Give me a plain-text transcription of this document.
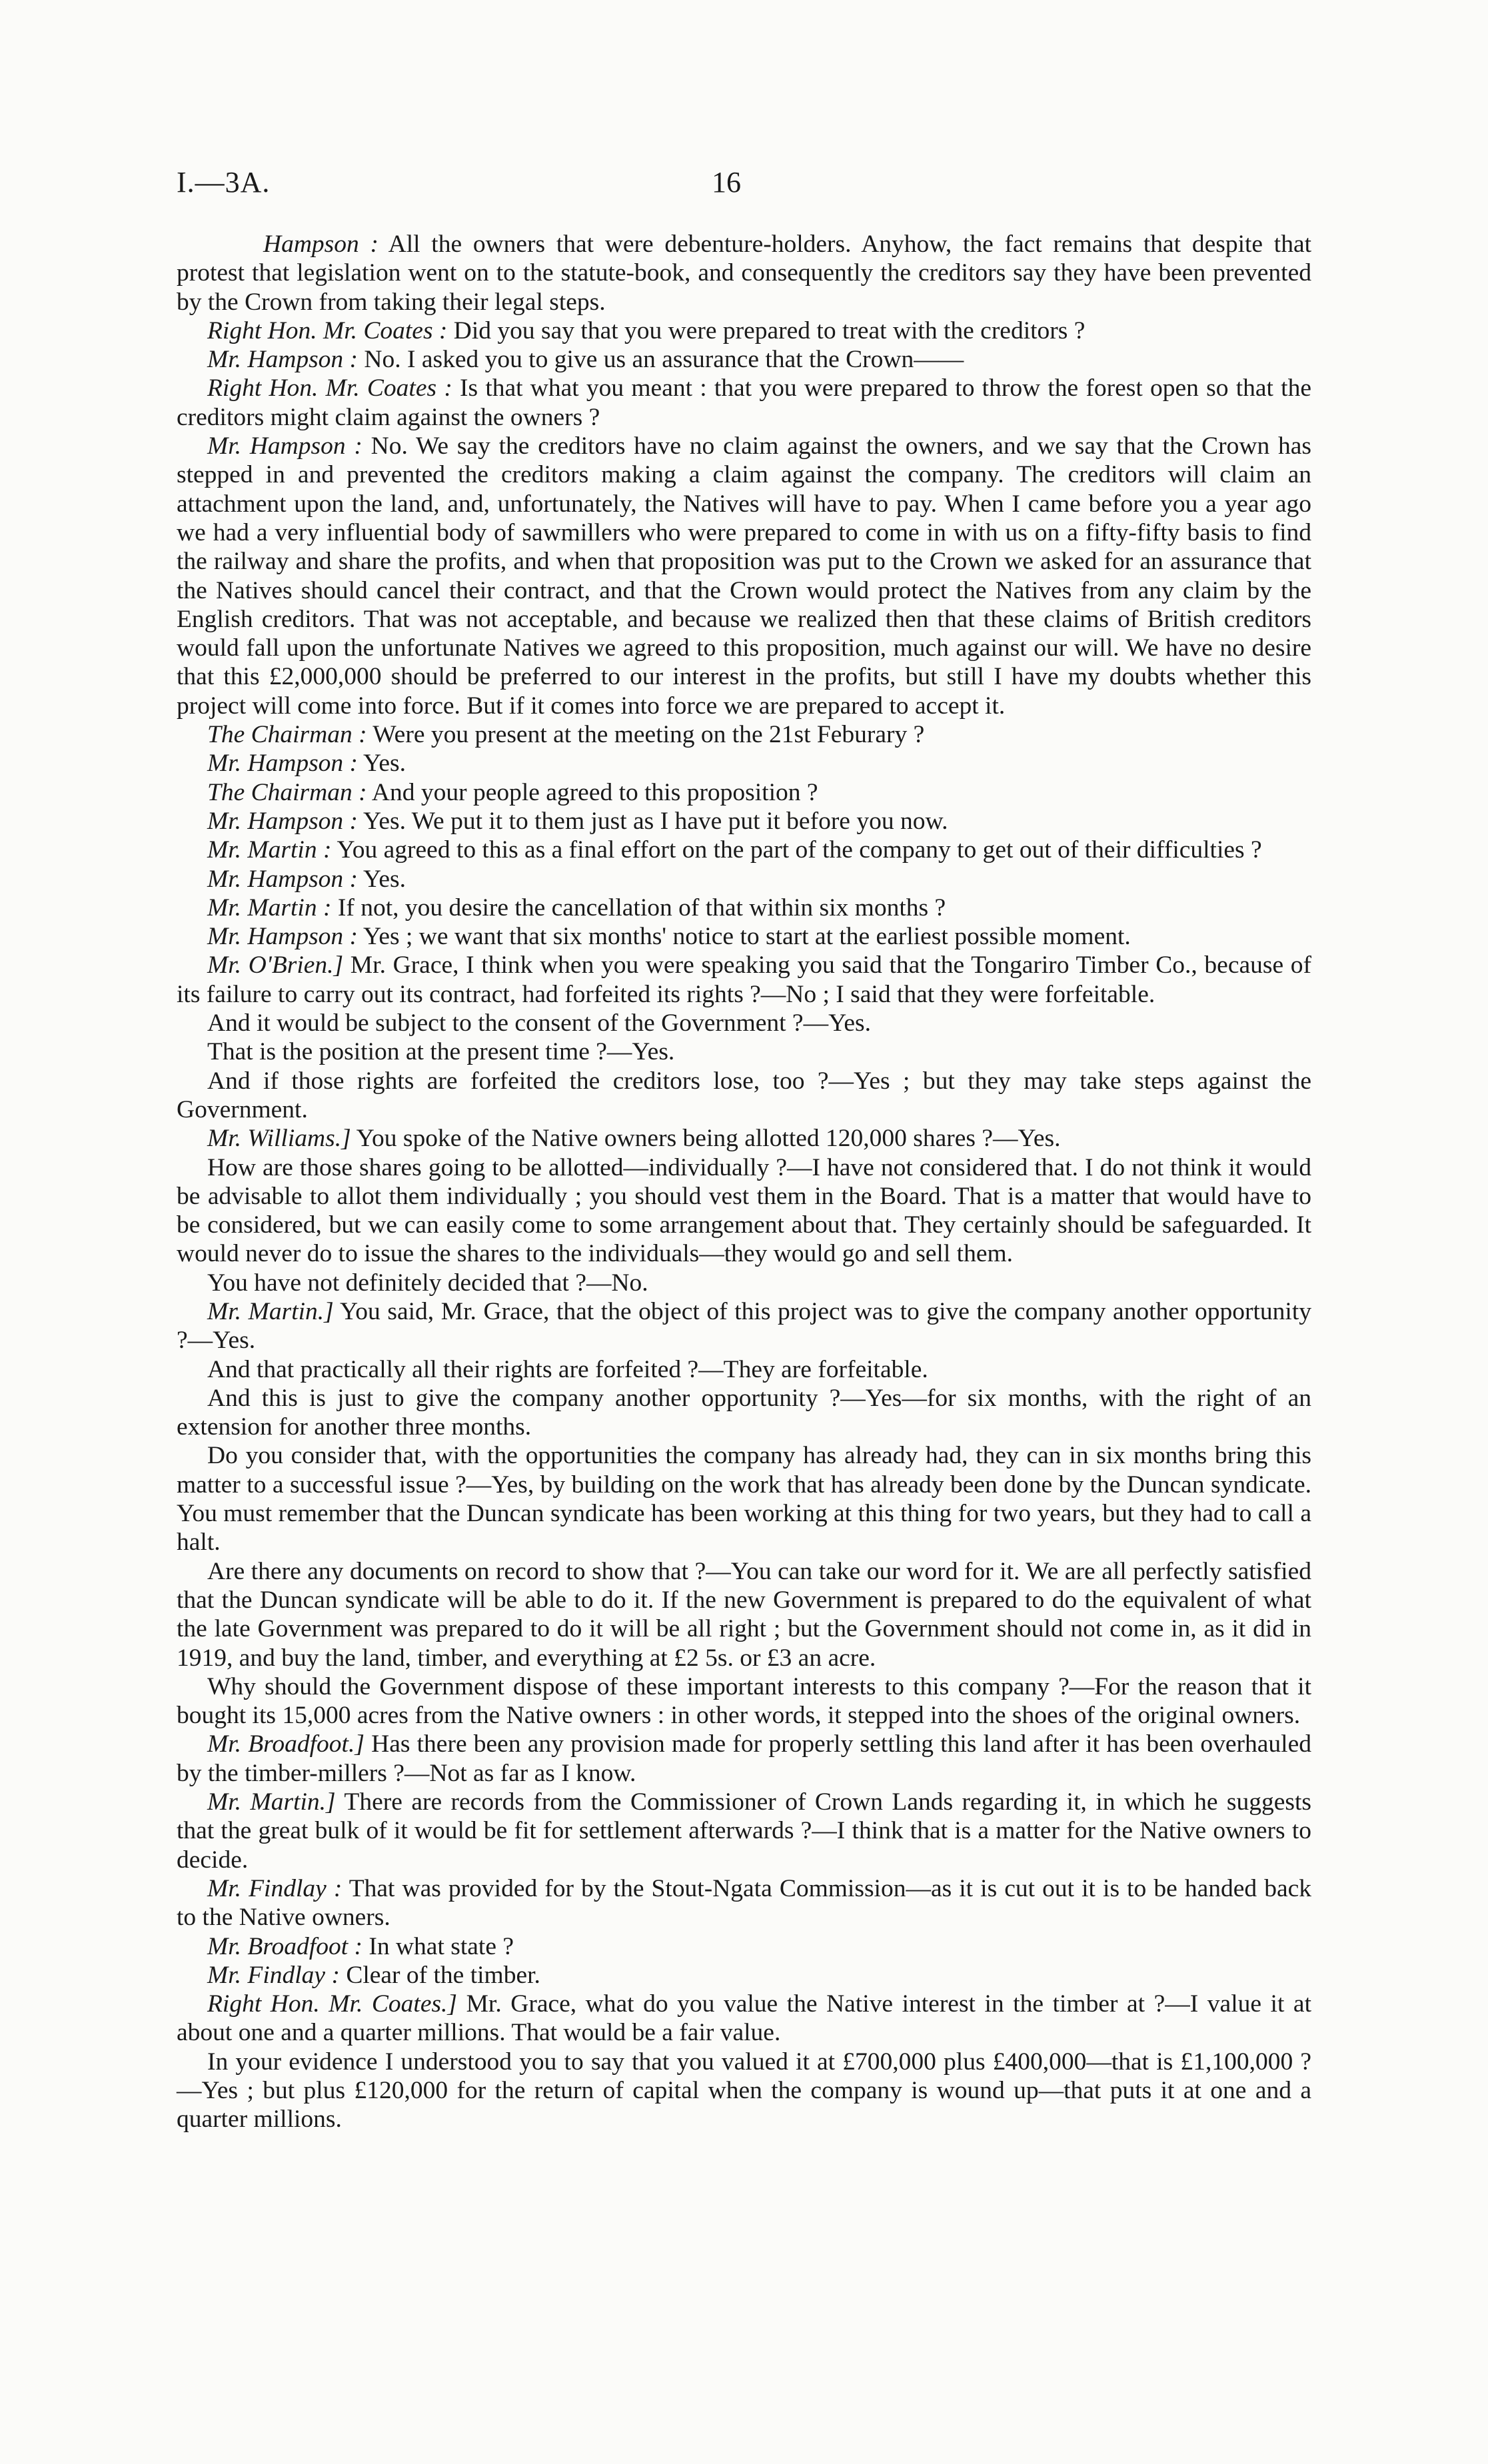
I.—3A.	16

Hampson : All the owners that were debenture-holders. Anyhow, the fact remains that despite that protest that legislation went on to the statute-book, and consequently the creditors say they have been prevented by the Crown from taking their legal steps.

Right Hon. Mr. Coates : Did you say that you were prepared to treat with the creditors ?

Mr. Hampson : No. I asked you to give us an assurance that the Crown——

Right Hon. Mr. Coates : Is that what you meant : that you were prepared to throw the forest open so that the creditors might claim against the owners ?

Mr. Hampson : No. We say the creditors have no claim against the owners, and we say that the Crown has stepped in and prevented the creditors making a claim against the company. The creditors will claim an attachment upon the land, and, unfortunately, the Natives will have to pay. When I came before you a year ago we had a very influential body of sawmillers who were prepared to come in with us on a fifty-fifty basis to find the railway and share the profits, and when that proposition was put to the Crown we asked for an assurance that the Natives should cancel their contract, and that the Crown would protect the Natives from any claim by the English creditors. That was not acceptable, and because we realized then that these claims of British creditors would fall upon the unfortunate Natives we agreed to this proposition, much against our will. We have no desire that this £2,000,000 should be preferred to our interest in the profits, but still I have my doubts whether this project will come into force. But if it comes into force we are prepared to accept it.

The Chairman : Were you present at the meeting on the 21st Feburary ?

Mr. Hampson : Yes.

The Chairman : And your people agreed to this proposition ?

Mr. Hampson : Yes. We put it to them just as I have put it before you now.

Mr. Martin : You agreed to this as a final effort on the part of the company to get out of their difficulties ?

Mr. Hampson : Yes.

Mr. Martin : If not, you desire the cancellation of that within six months ?

Mr. Hampson : Yes ; we want that six months' notice to start at the earliest possible moment.

Mr. O'Brien.] Mr. Grace, I think when you were speaking you said that the Tongariro Timber Co., because of its failure to carry out its contract, had forfeited its rights ?—No ; I said that they were forfeitable.

And it would be subject to the consent of the Government ?—Yes.

That is the position at the present time ?—Yes.

And if those rights are forfeited the creditors lose, too ?—Yes ; but they may take steps against the Government.

Mr. Williams.] You spoke of the Native owners being allotted 120,000 shares ?—Yes.

How are those shares going to be allotted—individually ?—I have not considered that. I do not think it would be advisable to allot them individually ; you should vest them in the Board. That is a matter that would have to be considered, but we can easily come to some arrangement about that. They certainly should be safeguarded. It would never do to issue the shares to the individuals—they would go and sell them.

You have not definitely decided that ?—No.

Mr. Martin.] You said, Mr. Grace, that the object of this project was to give the company another opportunity ?—Yes.

And that practically all their rights are forfeited ?—They are forfeitable.

And this is just to give the company another opportunity ?—Yes—for six months, with the right of an extension for another three months.

Do you consider that, with the opportunities the company has already had, they can in six months bring this matter to a successful issue ?—Yes, by building on the work that has already been done by the Duncan syndicate. You must remember that the Duncan syndicate has been working at this thing for two years, but they had to call a halt.

Are there any documents on record to show that ?—You can take our word for it. We are all perfectly satisfied that the Duncan syndicate will be able to do it. If the new Government is prepared to do the equivalent of what the late Government was prepared to do it will be all right ; but the Government should not come in, as it did in 1919, and buy the land, timber, and everything at £2 5s. or £3 an acre.

Why should the Government dispose of these important interests to this company ?—For the reason that it bought its 15,000 acres from the Native owners : in other words, it stepped into the shoes of the original owners.

Mr. Broadfoot.] Has there been any provision made for properly settling this land after it has been overhauled by the timber-millers ?—Not as far as I know.

Mr. Martin.] There are records from the Commissioner of Crown Lands regarding it, in which he suggests that the great bulk of it would be fit for settlement afterwards ?—I think that is a matter for the Native owners to decide.

Mr. Findlay : That was provided for by the Stout-Ngata Commission—as it is cut out it is to be handed back to the Native owners.

Mr. Broadfoot : In what state ?

Mr. Findlay : Clear of the timber.

Right Hon. Mr. Coates.] Mr. Grace, what do you value the Native interest in the timber at ?—I value it at about one and a quarter millions. That would be a fair value.

In your evidence I understood you to say that you valued it at £700,000 plus £400,000—that is £1,100,000 ?—Yes ; but plus £120,000 for the return of capital when the company is wound up—that puts it at one and a quarter millions.
